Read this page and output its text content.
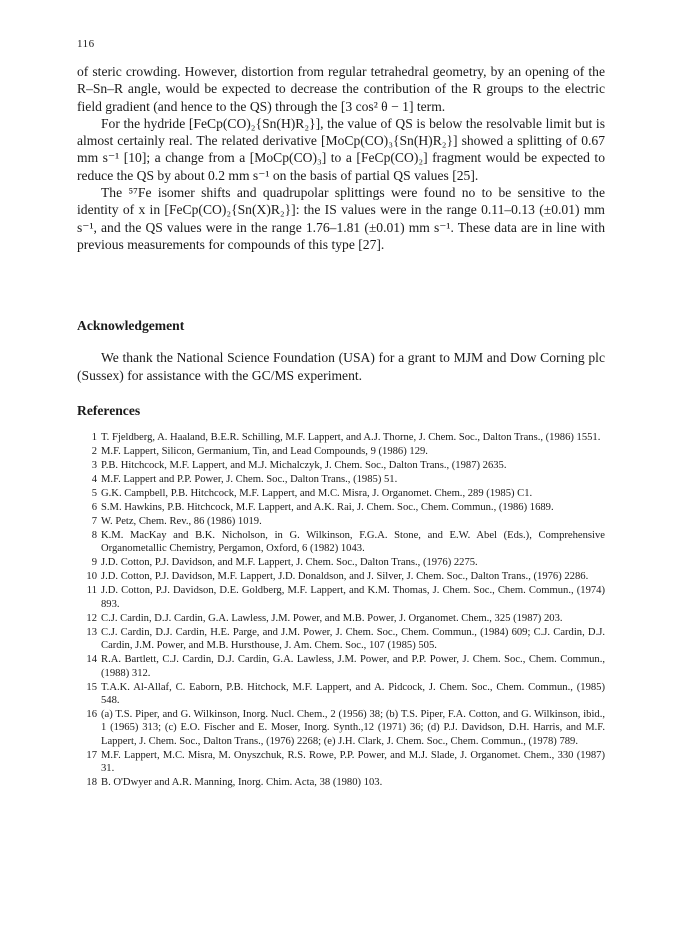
116

of steric crowding. However, distortion from regular tetrahedral geometry, by an opening of the R–Sn–R angle, would be expected to decrease the contribution of the R groups to the electric field gradient (and hence to the QS) through the [3 cos² θ − 1] term.

For the hydride [FeCp(CO)₂{Sn(H)R₂}], the value of QS is below the resolvable limit but is almost certainly real. The related derivative [MoCp(CO)₃{Sn(H)R₂}] showed a splitting of 0.67 mm s⁻¹ [10]; a change from a [MoCp(CO)₃] to a [FeCp(CO)₂] fragment would be expected to reduce the QS by about 0.2 mm s⁻¹ on the basis of partial QS values [25].

The ⁵⁷Fe isomer shifts and quadrupolar splittings were found no to be sensitive to the identity of x in [FeCp(CO)₂{Sn(X)R₂}]: the IS values were in the range 0.11–0.13 (±0.01) mm s⁻¹, and the QS values were in the range 1.76–1.81 (±0.01) mm s⁻¹. These data are in line with previous measurements for compounds of this type [27].

Acknowledgement

We thank the National Science Foundation (USA) for a grant to MJM and Dow Corning plc (Sussex) for assistance with the GC/MS experiment.

References
1 T. Fjeldberg, A. Haaland, B.E.R. Schilling, M.F. Lappert, and A.J. Thorne, J. Chem. Soc., Dalton Trans., (1986) 1551.
2 M.F. Lappert, Silicon, Germanium, Tin, and Lead Compounds, 9 (1986) 129.
3 P.B. Hitchcock, M.F. Lappert, and M.J. Michalczyk, J. Chem. Soc., Dalton Trans., (1987) 2635.
4 M.F. Lappert and P.P. Power, J. Chem. Soc., Dalton Trans., (1985) 51.
5 G.K. Campbell, P.B. Hitchcock, M.F. Lappert, and M.C. Misra, J. Organomet. Chem., 289 (1985) C1.
6 S.M. Hawkins, P.B. Hitchcock, M.F. Lappert, and A.K. Rai, J. Chem. Soc., Chem. Commun., (1986) 1689.
7 W. Petz, Chem. Rev., 86 (1986) 1019.
8 K.M. MacKay and B.K. Nicholson, in G. Wilkinson, F.G.A. Stone, and E.W. Abel (Eds.), Comprehensive Organometallic Chemistry, Pergamon, Oxford, 6 (1982) 1043.
9 J.D. Cotton, P.J. Davidson, and M.F. Lappert, J. Chem. Soc., Dalton Trans., (1976) 2275.
10 J.D. Cotton, P.J. Davidson, M.F. Lappert, J.D. Donaldson, and J. Silver, J. Chem. Soc., Dalton Trans., (1976) 2286.
11 J.D. Cotton, P.J. Davidson, D.E. Goldberg, M.F. Lappert, and K.M. Thomas, J. Chem. Soc., Chem. Commun., (1974) 893.
12 C.J. Cardin, D.J. Cardin, G.A. Lawless, J.M. Power, and M.B. Power, J. Organomet. Chem., 325 (1987) 203.
13 C.J. Cardin, D.J. Cardin, H.E. Parge, and J.M. Power, J. Chem. Soc., Chem. Commun., (1984) 609; C.J. Cardin, D.J. Cardin, J.M. Power, and M.B. Hursthouse, J. Am. Chem. Soc., 107 (1985) 505.
14 R.A. Bartlett, C.J. Cardin, D.J. Cardin, G.A. Lawless, J.M. Power, and P.P. Power, J. Chem. Soc., Chem. Commun., (1988) 312.
15 T.A.K. Al-Allaf, C. Eaborn, P.B. Hitchock, M.F. Lappert, and A. Pidcock, J. Chem. Soc., Chem. Commun., (1985) 548.
16 (a) T.S. Piper, and G. Wilkinson, Inorg. Nucl. Chem., 2 (1956) 38; (b) T.S. Piper, F.A. Cotton, and G. Wilkinson, ibid., 1 (1965) 313; (c) E.O. Fischer and E. Moser, Inorg. Synth.,12 (1971) 36; (d) P.J. Davidson, D.H. Harris, and M.F. Lappert, J. Chem. Soc., Dalton Trans., (1976) 2268; (e) J.H. Clark, J. Chem. Soc., Chem. Commun., (1978) 789.
17 M.F. Lappert, M.C. Misra, M. Onyszchuk, R.S. Rowe, P.P. Power, and M.J. Slade, J. Organomet. Chem., 330 (1987) 31.
18 B. O'Dwyer and A.R. Manning, Inorg. Chim. Acta, 38 (1980) 103.
